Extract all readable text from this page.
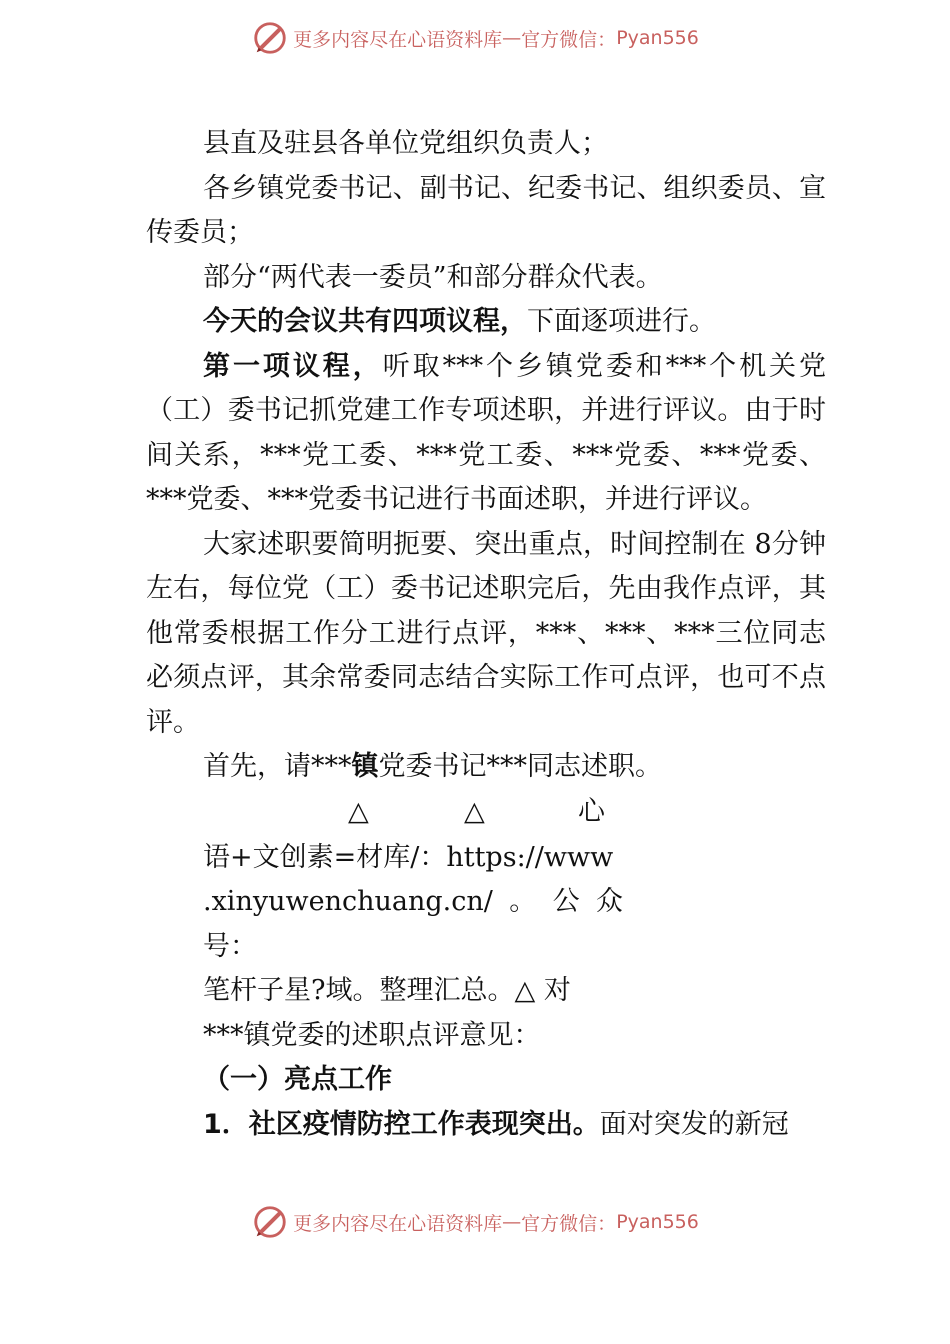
更多内容尽在心语资料库 — 官方微信： Pyan556

县直及驻县各单位党组织负责人；

各乡镇党委书记、副书记、纪委书记、组织委员、宣传委员；

部分“两代表一委员”和部分群众代表。

今天的会议共有四项议程，下面逐项进行。

第一项议程，听取***个乡镇党委和***个机关党（工）委书记抓党建工作专项述职，并进行评议。由于时间关系，***党工委、***党工委、***党委、***党委、***党委、***党委书记进行书面述职，并进行评议。

大家述职要简明扼要、突出重点，时间控制在 8分钟左右，每位党（工）委书记述职完后，先由我作点评，其他常委根据工作分工进行点评，***、***、***三位同志必须点评，其余常委同志结合实际工作可点评，也可不点评。

首先，请***镇党委书记***同志述职。

△	△	心

语+文创素=材库/：https://www

.xinyuwenchuang.cn/。公众号：

笔杆子星?域。整理汇总。△ 对

***镇党委的述职点评意见：

（一）亮点工作

1．社区疫情防控工作表现突出。面对突发的新冠

更多内容尽在心语资料库 — 官方微信： Pyan556
